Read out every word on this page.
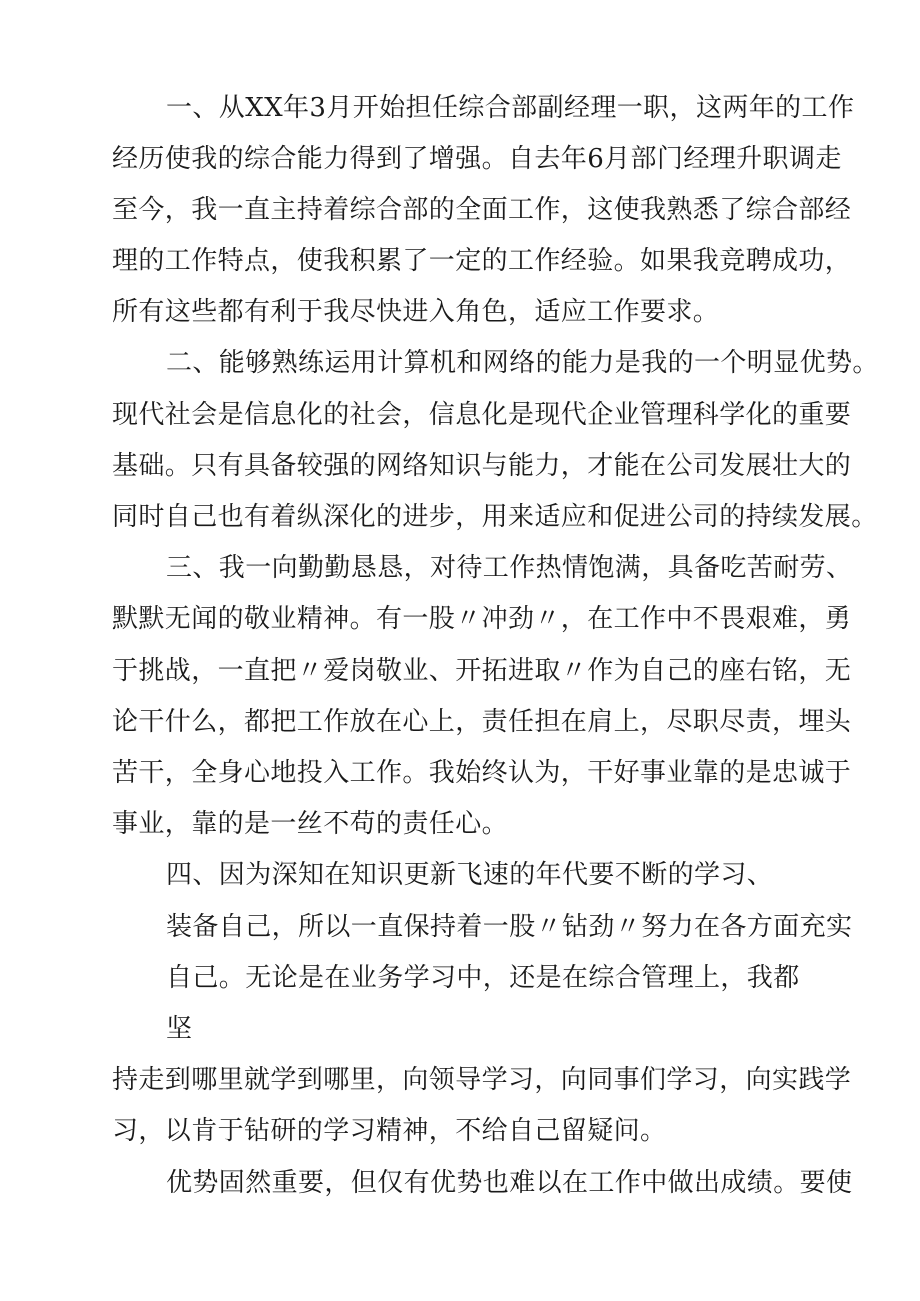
一、从XX年3月开始担任综合部副经理一职，这两年的工作
经历使我的综合能力得到了增强。自去年6月部门经理升职调走
至今，我一直主持着综合部的全面工作，这使我熟悉了综合部经
理的工作特点，使我积累了一定的工作经验。如果我竞聘成功，
所有这些都有利于我尽快进入角色，适应工作要求。
二、能够熟练运用计算机和网络的能力是我的一个明显优势。
现代社会是信息化的社会，信息化是现代企业管理科学化的重要
基础。只有具备较强的网络知识与能力，才能在公司发展壮大的
同时自己也有着纵深化的进步，用来适应和促进公司的持续发展。
三、我一向勤勤恳恳，对待工作热情饱满，具备吃苦耐劳、
默默无闻的敬业精神。有一股〃冲劲〃，在工作中不畏艰难，勇
于挑战，一直把〃爱岗敬业、开拓进取〃作为自己的座右铭，无
论干什么，都把工作放在心上，责任担在肩上，尽职尽责，埋头
苦干，全身心地投入工作。我始终认为，干好事业靠的是忠诚于
事业，靠的是一丝不苟的责任心。
四、因为深知在知识更新飞速的年代要不断的学习、
装备自己，所以一直保持着一股〃钻劲〃努力在各方面充实
自己。无论是在业务学习中，还是在综合管理上，我都
坚
持走到哪里就学到哪里，向领导学习，向同事们学习，向实践学
习，以肯于钻研的学习精神，不给自己留疑问。
优势固然重要，但仅有优势也难以在工作中做出成绩。要使
